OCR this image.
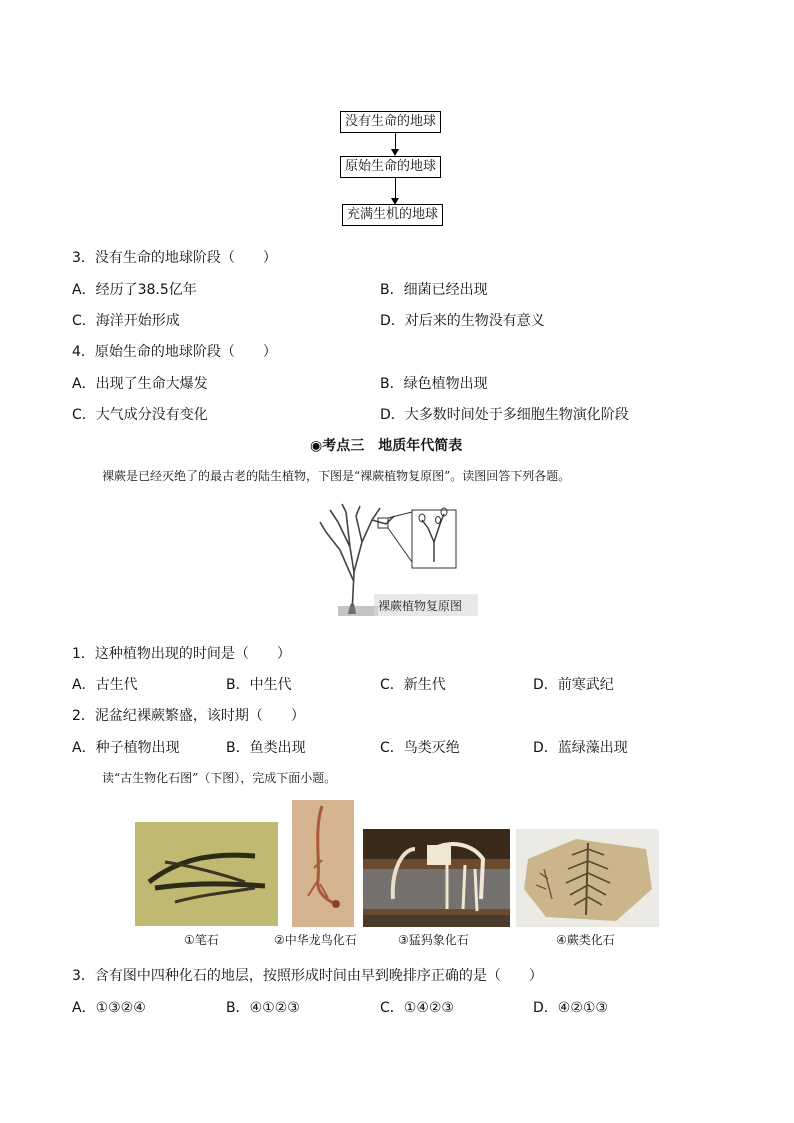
没有生命的地球
原始生命的地球
充满生机的地球
3．没有生命的地球阶段（　　）
A．经历了38.5亿年	B．细菌已经出现
C．海洋开始形成	D．对后来的生物没有意义
4．原始生命的地球阶段（　　）
A．出现了生命大爆发	B．绿色植物出现
C．大气成分没有变化	D．大多数时间处于多细胞生物演化阶段
◉考点三　地质年代简表
裸蕨是已经灭绝了的最古老的陆生植物，下图是“裸蕨植物复原图”。读图回答下列各题。
裸蕨植物复原图
1．这种植物出现的时间是（　　）
A．古生代	B．中生代	C．新生代	D．前寒武纪
2．泥盆纪裸蕨繁盛，该时期（　　）
A．种子植物出现	B．鱼类出现	C．鸟类灭绝	D．蓝绿藻出现
读“古生物化石图”（下图），完成下面小题。
①笔石	②中华龙鸟化石	③猛犸象化石	④蕨类化石
3．含有图中四种化石的地层，按照形成时间由早到晚排序正确的是（　　）
A．①③②④	B．④①②③	C．①④②③	D．④②①③
